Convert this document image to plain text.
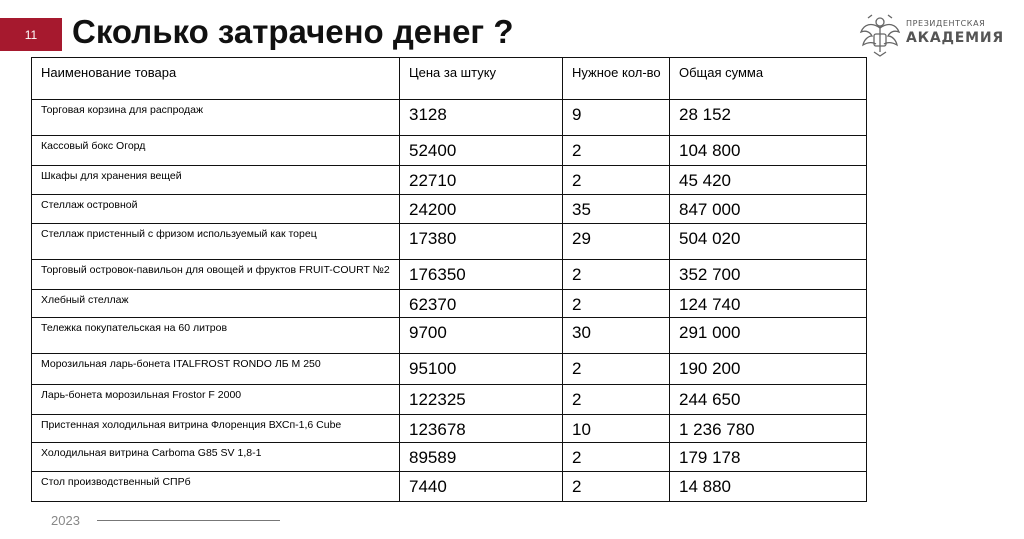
11 Сколько затрачено денег ?	ПРЕЗИДЕНТСКАЯ
АКАДЕМИЯ
Наименование товара	Цена за штуку	Нужное кол-во	Общая сумма
Торговая корзина для распродаж	3128	9	28 152
Кассовый бокс Огорд	52400	2	104 800
Шкафы для хранения вещей	22710	2	45 420
Стеллаж островной	24200	35	847 000
Стеллаж пристенный с фризом используемый как торец	17380	29	504 020
Торговый островок-павильон для овощей и фруктов FRUIT-COURT №2	176350	2	352 700
Хлебный стеллаж	62370	2	124 740
Тележка покупательская на 60 литров	9700	30	291 000
Морозильная ларь-бонета ITALFROST RONDO ЛБ М 250	95100	2	190 200
Ларь-бонета морозильная Frostor F 2000	122325	2	244 650
Пристенная холодильная витрина Флоренция ВХСп-1,6 Cube	123678	10	1 236 780
Холодильная витрина Carboma G85 SV 1,8-1	89589	2	179 178
Стол производственный СПРб	7440	2	14 880
2023
